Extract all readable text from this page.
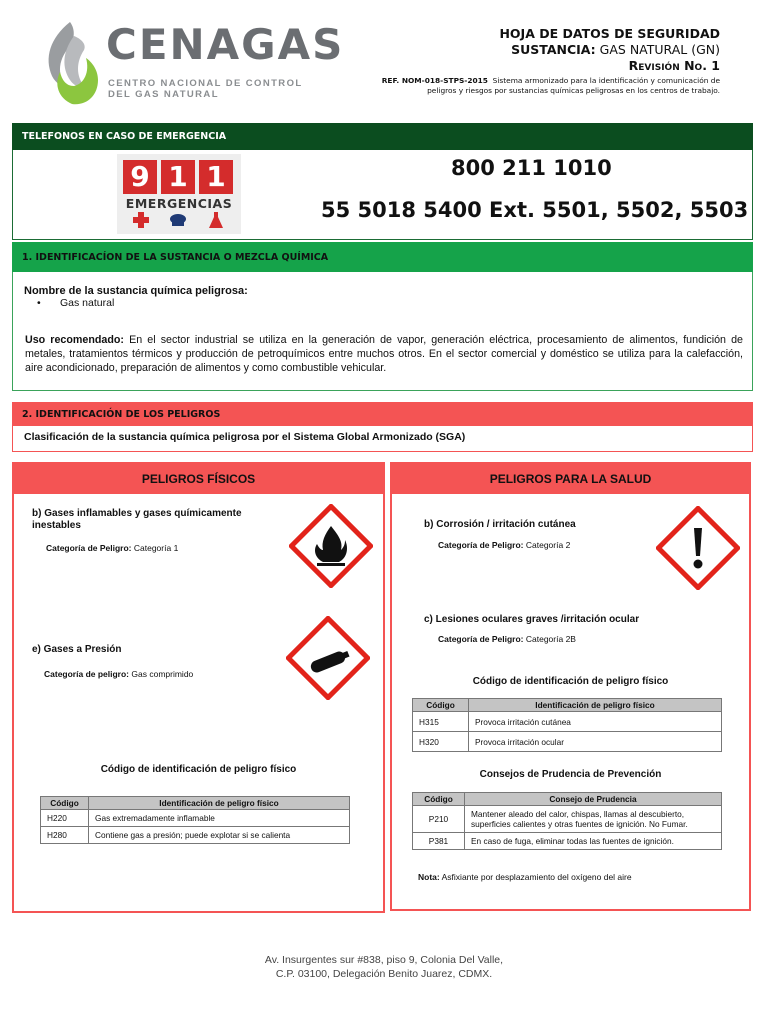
CENAGAS
CENTRO NACIONAL DE CONTROL
DEL GAS NATURAL
HOJA DE DATOS DE SEGURIDAD
SUSTANCIA: GAS NATURAL (GN)
Revisión No. 1
REF. NOM-018-STPS-2015 Sistema armonizado para la identificación y comunicación de peligros y riesgos por sustancias químicas peligrosas en los centros de trabajo.
TELEFONOS EN CASO DE EMERGENCIA
9 1 1
EMERGENCIAS
800 211 1010
55 5018 5400 Ext. 5501, 5502, 5503
1. IDENTIFICACÍON DE LA SUSTANCIA O MEZCLA QUÍMICA
Nombre de la sustancia química peligrosa:
• Gas natural
Uso recomendado: En el sector industrial se utiliza en la generación de vapor, generación eléctrica, procesamiento de alimentos, fundición de metales, tratamientos térmicos y producción de petroquímicos entre muchos otros. En el sector comercial y doméstico se utiliza para la calefacción, aire acondicionado, preparación de alimentos y como combustible vehicular.
2. IDENTIFICACIÓN DE LOS PELIGROS
Clasificación de la sustancia química peligrosa por el Sistema Global Armonizado (SGA)
PELIGROS FÍSICOS
b) Gases inflamables y gases químicamente inestables
Categoría de Peligro: Categoría 1
e) Gases a Presión
Categoría de peligro: Gas comprimido
Código de identificación de peligro físico
Código	Identificación de peligro físico
H220	Gas extremadamente inflamable
H280	Contiene gas a presión; puede explotar si se calienta
PELIGROS PARA LA SALUD
b) Corrosión / irritación cutánea
Categoría de Peligro: Categoría 2
c) Lesiones oculares graves /irritación ocular
Categoría de Peligro: Categoría 2B
Código de identificación de peligro físico
Código	Identificación de peligro físico
H315	Provoca irritación cutánea
H320	Provoca irritación ocular
Consejos de Prudencia de Prevención
Código	Consejo de Prudencia
P210	Mantener aleado del calor, chispas, llamas al descubierto, superficies calientes y otras fuentes de ignición. No Fumar.
P381	En caso de fuga, eliminar todas las fuentes de ignición.
Nota: Asfixiante por desplazamiento del oxígeno del aire
Av. Insurgentes sur #838, piso 9, Colonia Del Valle,
C.P. 03100, Delegación Benito Juarez, CDMX.
